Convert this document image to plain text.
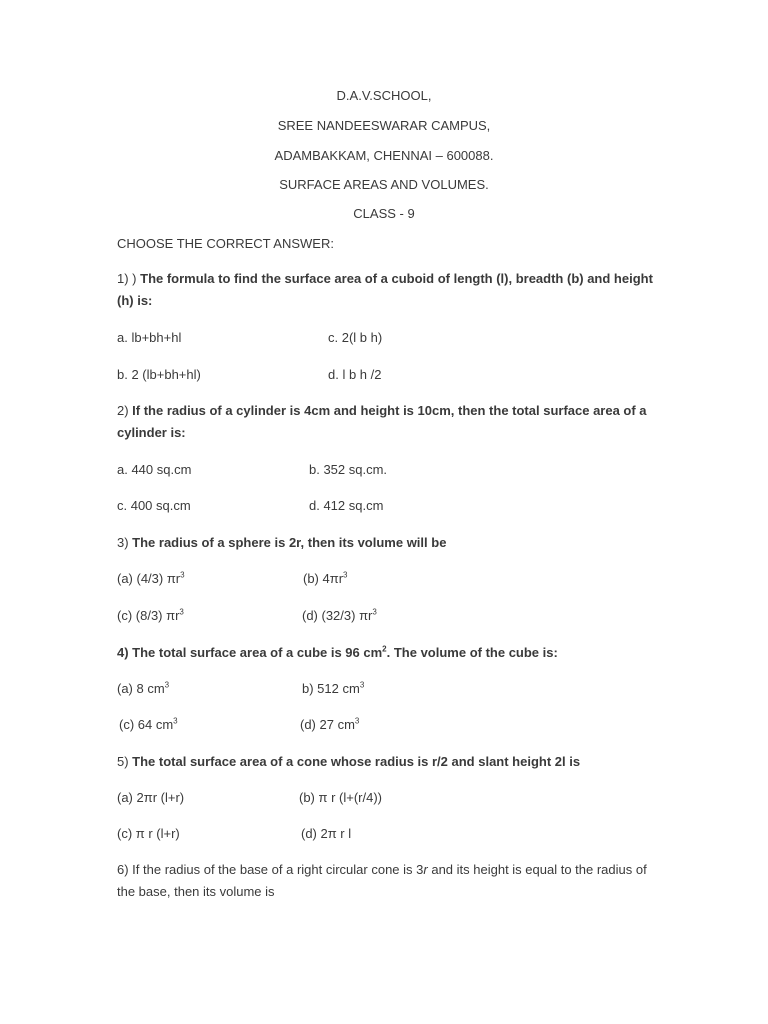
D.A.V.SCHOOL,
SREE NANDEESWARAR CAMPUS,
ADAMBAKKAM, CHENNAI – 600088.
SURFACE AREAS AND VOLUMES.
CLASS - 9
CHOOSE THE CORRECT ANSWER:
1) ) The formula to find the surface area of a cuboid of length (l), breadth (b) and height (h) is:
a. lb+bh+hl	c. 2(l b h)
b. 2 (lb+bh+hl)	d. l b h /2
2) If the radius of a cylinder is 4cm and height is 10cm, then the total surface area of a cylinder is:
a. 440 sq.cm	b. 352 sq.cm.
c. 400 sq.cm	d. 412 sq.cm
3) The radius of a sphere is 2r, then its volume will be
(a) (4/3) $\pi r^3$	(b) $4\pi r^3$
(c) (8/3) $\pi r^3$	(d) (32/3) $\pi r^3$
4) The total surface area of a cube is 96 $cm^2$. The volume of the cube is:
(a) 8 $cm^3$	b) 512 $cm^3$
(c) 64 $cm^3$	(d) 27 $cm^3$
5) The total surface area of a cone whose radius is r/2 and slant height 2l is
(a) 2πr (l+r)	(b) π r (l+(r/4))
(c) π r (l+r)	(d) 2π r l
6) If the radius of the base of a right circular cone is 3r and its height is equal to the radius of the base, then its volume is
